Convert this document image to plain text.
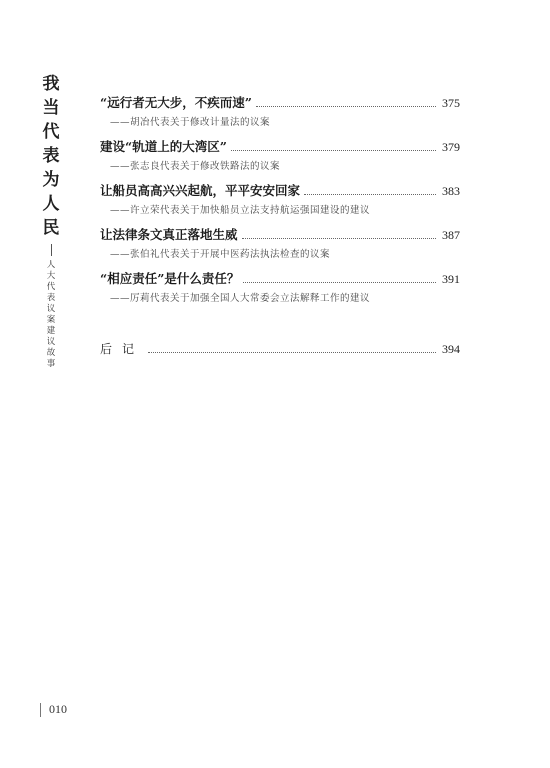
我
当
代
表
为
人
民
人
大
代
表
议
案
建
议
故
事
“远行者无大步，不疾而速”	375
——胡冶代表关于修改计量法的议案
建设“轨道上的大湾区”	379
——张志良代表关于修改铁路法的议案
让船员高高兴兴起航，平平安安回家	383
——许立荣代表关于加快船员立法支持航运强国建设的建议
让法律条文真正落地生威	387
——张伯礼代表关于开展中医药法执法检查的议案
“相应责任”是什么责任？	391
——厉莉代表关于加强全国人大常委会立法解释工作的建议
后记	394
010
